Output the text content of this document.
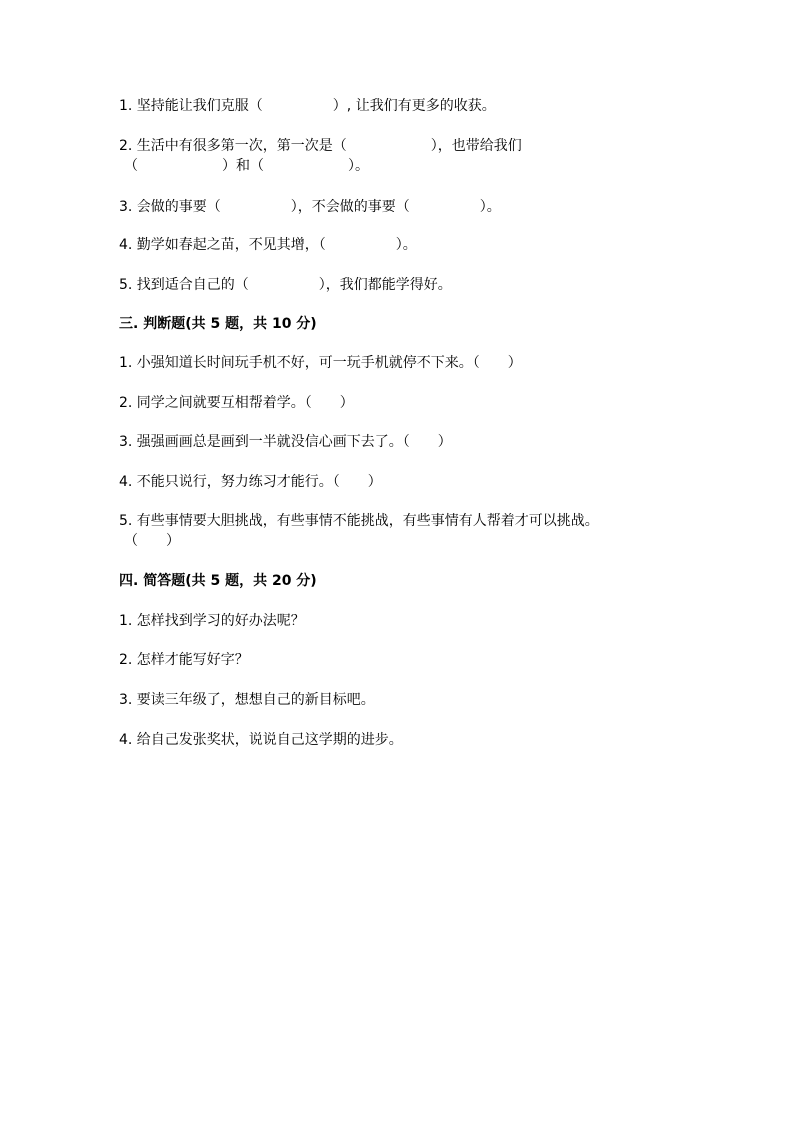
1. 坚持能让我们克服（　　　　　）, 让我们有更多的收获。
2. 生活中有很多第一次，第一次是（　　　　　　），也带给我们
（　　　　　　）和（　　　　　　）。
3. 会做的事要（　　　　　），不会做的事要（　　　　　）。
4. 勤学如春起之苗，不见其增，（　　　　　）。
5. 找到适合自己的（　　　　　），我们都能学得好。
三. 判断题(共 5 题，共 10 分)
1. 小强知道长时间玩手机不好，可一玩手机就停不下来。（　　）
2. 同学之间就要互相帮着学。（　　）
3. 强强画画总是画到一半就没信心画下去了。（　　）
4. 不能只说行，努力练习才能行。（　　）
5. 有些事情要大胆挑战，有些事情不能挑战，有些事情有人帮着才可以挑战。
（　　）
四. 简答题(共 5 题，共 20 分)
1. 怎样找到学习的好办法呢？
2. 怎样才能写好字？
3. 要读三年级了，想想自己的新目标吧。
4. 给自己发张奖状，说说自己这学期的进步。
